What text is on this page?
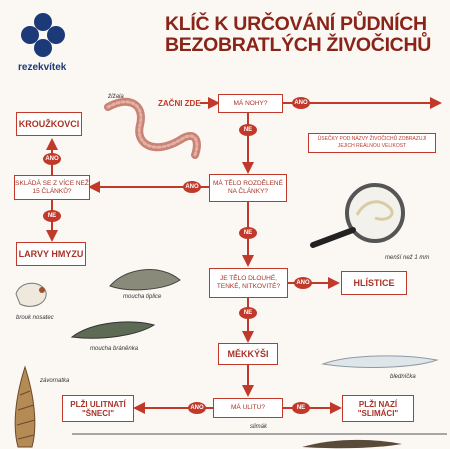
rezekvítek
KLÍČ K URČOVÁNÍ PŮDNÍCH
BEZOBRATLÝCH ŽIVOČICHŮ
ZAČNI ZDE	MÁ NOHY?
MÁ TĚLO ROZDĚLENÉ NA ČLÁNKY?
SKLÁDÁ SE Z VÍCE NEŽ 15 ČLÁNKŮ?
JE TĚLO DLOUHÉ, TENKÉ, NITKOVITÉ?
MÁ ULITU?
KROUŽKOVCI
LARVY HMYZU
HLÍSTICE
MĚKKÝŠI
PLŽI ULITNATÍ "ŠNECI"
PLŽI NAZÍ "SLIMÁCI"
ANO
NE
ANO
ANO
NE
NE
ANO
NE
ANO	NE
ÚSEČKY POD NÁZVY ŽIVOČICHŮ ZOBRAZUJÍ JEJICH REÁLNOU VELIKOST
žížala
menší než 1 mm
moucha tiplice
brouk nosatec
moucha bráněnka
závornatka
bledníčka
slimák
